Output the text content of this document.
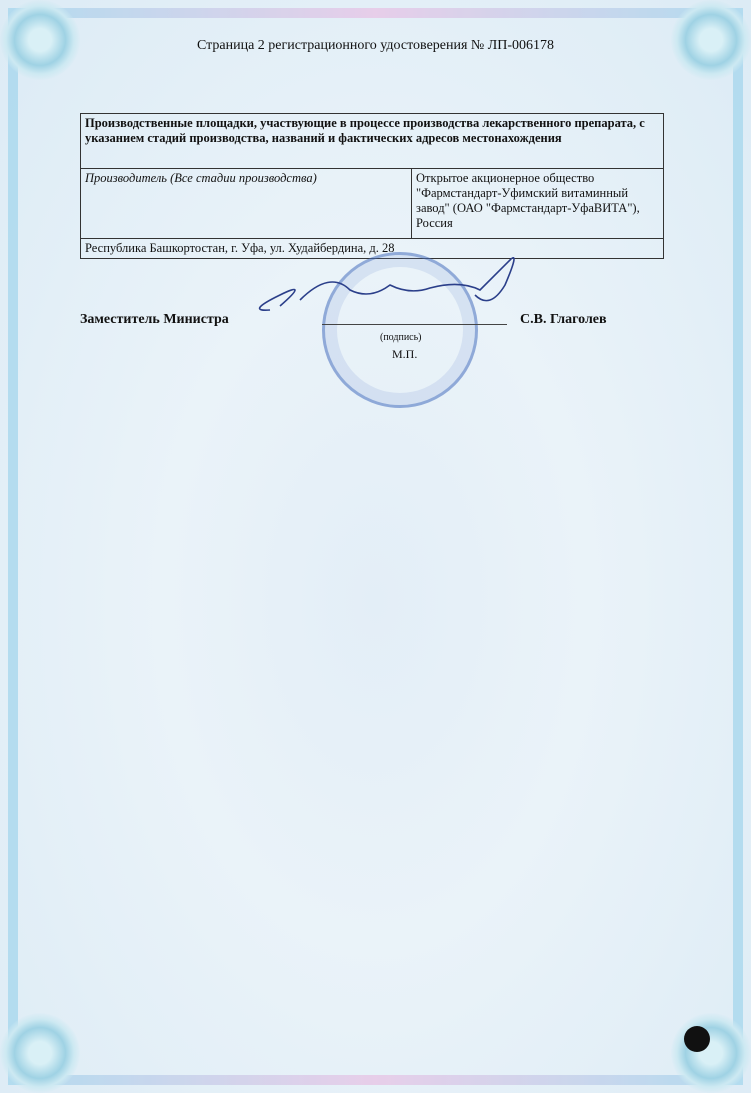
Страница 2 регистрационного удостоверения № ЛП-006178
Производственные площадки, участвующие в процессе производства лекарственного препарата, с указанием стадий производства, названий и фактических адресов местонахождения
Производитель (Все стадии производства)	Открытое акционерное общество "Фармстандарт-Уфимский витаминный завод" (ОАО "Фармстандарт-УфаВИТА"), Россия
Республика Башкортостан, г. Уфа, ул. Худайбердина, д. 28
Заместитель Министра
(подпись)
М.П.
С.В. Глаголев
